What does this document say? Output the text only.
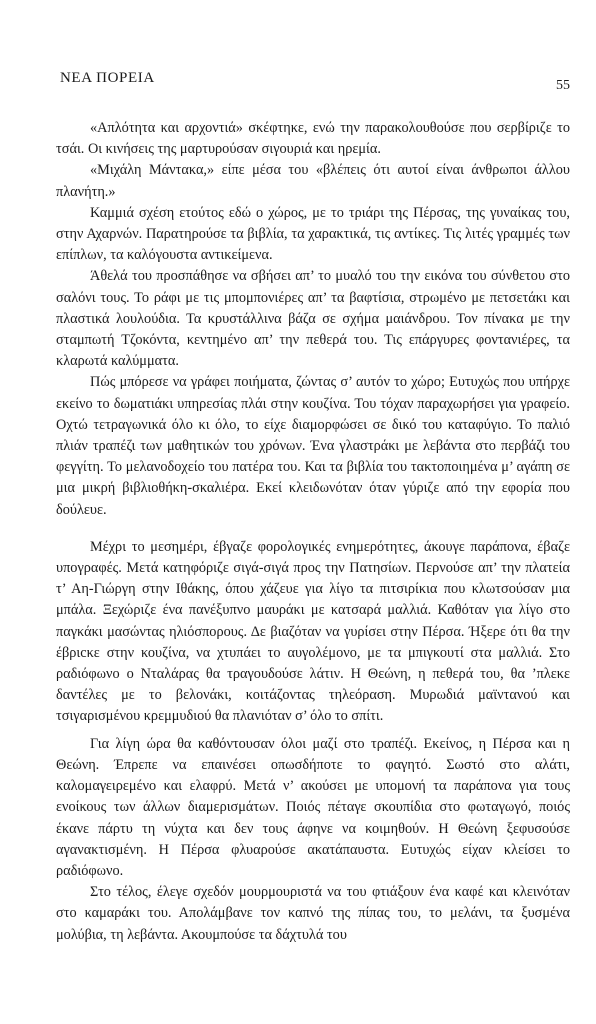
ΝΕΑ ΠΟΡΕΙΑ	55

«Απλότητα και αρχοντιά» σκέφτηκε, ενώ την παρακολουθούσε που σερβίριζε το τσάι. Οι κινήσεις της μαρτυρούσαν σιγουριά και ηρεμία.

«Μιχάλη Μάντακα,» είπε μέσα του «βλέπεις ότι αυτοί είναι άνθρωποι άλλου πλανήτη.»

Καμμιά σχέση ετούτος εδώ ο χώρος, με το τριάρι της Πέρσας, της γυναίκας του, στην Αχαρνών. Παρατηρούσε τα βιβλία, τα χαρακτικά, τις αντίκες. Τις λιτές γραμμές των επίπλων, τα καλόγουστα αντικείμενα.

Άθελά του προσπάθησε να σβήσει απ’ το μυαλό του την εικόνα του σύνθετου στο σαλόνι τους. Το ράφι με τις μπομπονιέρες απ’ τα βαφτίσια, στρωμένο με πετσετάκι και πλαστικά λουλούδια. Τα κρυστάλλινα βάζα σε σχήμα μαιάνδρου. Τον πίνακα με την σταμπωτή Τζοκόντα, κεντημένο απ’ την πεθερά του. Τις επάργυρες φοντανιέρες, τα κλαρωτά καλύμματα.

Πώς μπόρεσε να γράφει ποιήματα, ζώντας σ’ αυτόν το χώρο; Ευτυχώς που υπήρχε εκείνο το δωματιάκι υπηρεσίας πλάι στην κουζίνα. Του τόχαν παραχωρήσει για γραφείο. Οχτώ τετραγωνικά όλο κι όλο, το είχε διαμορφώσει σε δικό του καταφύγιο. Το παλιό πλιάν τραπέζι των μαθητικών του χρόνων. Ένα γλαστράκι με λεβάντα στο περβάζι του φεγγίτη. Το μελανοδοχείο του πατέρα του. Και τα βιβλία του τακτοποιημένα μ’ αγάπη σε μια μικρή βιβλιοθήκη-σκαλιέρα. Εκεί κλειδωνόταν όταν γύριζε από την εφορία που δούλευε.

Μέχρι το μεσημέρι, έβγαζε φορολογικές ενημερότητες, άκουγε παράπονα, έβαζε υπογραφές. Μετά κατηφόριζε σιγά-σιγά προς την Πατησίων. Περνούσε απ’ την πλατεία τ’ Αη-Γιώργη στην Ιθάκης, όπου χάζευε για λίγο τα πιτσιρίκια που κλωτσούσαν μια μπάλα. Ξεχώριζε ένα πανέξυπνο μαυράκι με κατσαρά μαλλιά. Καθόταν για λίγο στο παγκάκι μασώντας ηλιόσπορους. Δε βιαζόταν να γυρίσει στην Πέρσα. Ήξερε ότι θα την έβριcκε στην κουζίνα, να χτυπάει το αυγολέμονο, με τα μπιγκουτί στα μαλλιά. Στο ραδιόφωνο ο Νταλάρας θα τραγουδούσε λάτιν. Η Θεώνη, η πεθερά του, θα ’πλεκε δαντέλες με το βελονάκι, κοιτάζοντας τηλεόραση. Μυρωδιά μαϊντανού και τσιγαρισμένου κρεμμυδιού θα πλανιόταν σ’ όλο το σπίτι.

Για λίγη ώρα θα καθόντουσαν όλοι μαζί στο τραπέζι. Εκείνος, η Πέρσα και η Θεώνη. Έπρεπε να επαινέσει οπωσδήποτε το φαγητό. Σωστό στο αλάτι, καλομαγειρεμένο και ελαφρύ. Μετά ν’ ακούσει με υπομονή τα παράπονα για τους ενοίκους των άλλων διαμερισμάτων. Ποιός πέταγε σκουπίδια στο φωταγωγό, ποιός έκανε πάρτυ τη νύχτα και δεν τους άφηνε να κοιμηθούν. Η Θεώνη ξεφυσούσε αγανακτισμένη. Η Πέρσα φλυαρούσε ακατάπαυστα. Ευτυχώς είχαν κλείσει το ραδιόφωνο.

Στο τέλος, έλεγε σχεδόν μουρμουριστά να του φτιάξουν ένα καφέ και κλεινόταν στο καμαράκι του. Απολάμβανε τον καπνό της πίπας του, το μελάνι, τα ξυσμένα μολύβια, τη λεβάντα. Ακουμπούσε τα δάχτυλά του
